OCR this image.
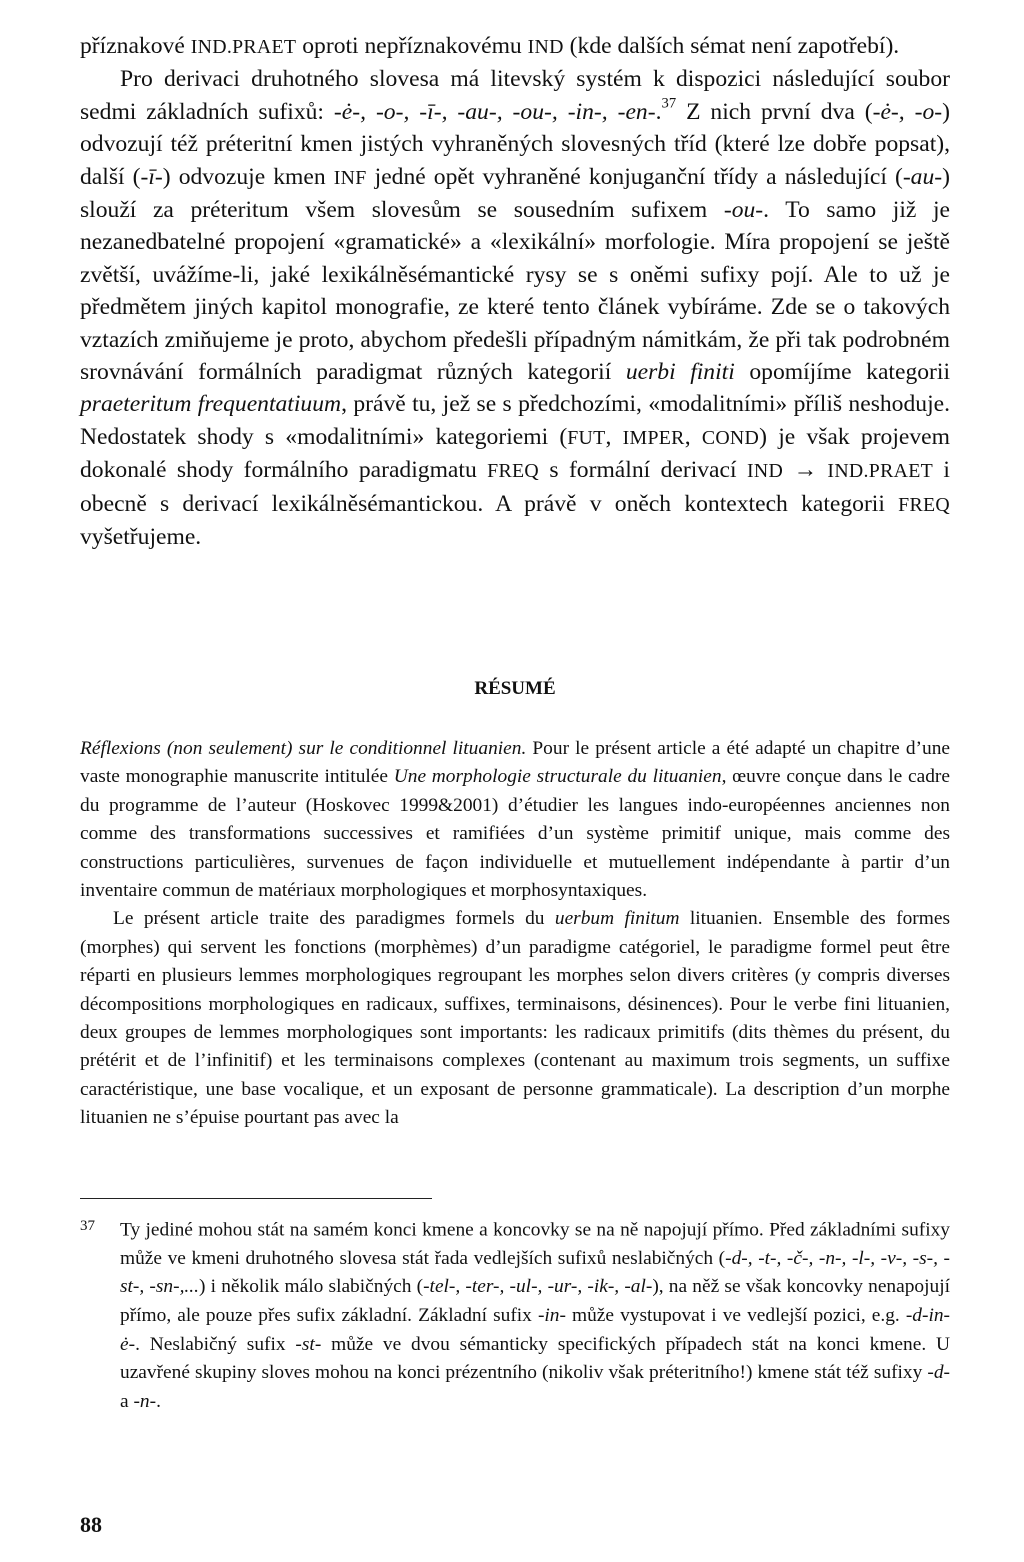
příznakové IND.PRAET oproti nepříznakovému IND (kde dalších sémat není zapotřebí).

Pro derivaci druhotného slovesa má litevský systém k dispozici následující soubor sedmi základních sufixů: -ė-, -o-, -ī-, -au-, -ou-, -in-, -en-.$^{37}$ Z nich první dva (-ė-, -o-) odvozují též préteritní kmen jistých vyhraněných slovesných tříd (které lze dobře popsat), další (-ī-) odvozuje kmen INF jedné opět vyhraněné konjuganční třídy a následující (-au-) slouží za préteritum všem slovesům se sousedním sufixem -ou-. To samo již je nezanedbatelné propojení «gramatické» a «lexikální» morfologie. Míra propojení se ještě zvětší, uvážíme-li, jaké lexikálněsémantické rysy se s oněmi sufixy pojí. Ale to už je předmětem jiných kapitol monografie, ze které tento článek vybíráme. Zde se o takových vztazích zmiňujeme je proto, abychom předešli případným námitkám, že při tak podrobném srovnávání formálních paradigmat různých kategorií uerbi finiti opomíjíme kategorii praeteritum frequentatiuum, právě tu, jež se s předchozími, «modalitními» příliš neshoduje. Nedostatek shody s «modalitními» kategoriemi (FUT, IMPER, COND) je však projevem dokonalé shody formálního paradigmatu FREQ s formální derivací IND → IND.PRAET i obecně s derivací lexikálněsémantickou. A právě v oněch kontextech kategorii FREQ vyšetřujeme.

RÉSUMÉ

Réflexions (non seulement) sur le conditionnel lituanien. Pour le présent article a été adapté un chapitre d’une vaste monographie manuscrite intitulée Une morphologie structurale du lituanien, œuvre conçue dans le cadre du programme de l’auteur (Hoskovec 1999&2001) d’étudier les langues indo-européennes anciennes non comme des transformations successives et ramifiées d’un système primitif unique, mais comme des constructions particulières, survenues de façon individuelle et mutuellement indépendante à partir d’un inventaire commun de matériaux morphologiques et morphosyntaxiques.

Le présent article traite des paradigmes formels du uerbum finitum lituanien. Ensemble des formes (morphes) qui servent les fonctions (morphèmes) d’un paradigme catégoriel, le paradigme formel peut être réparti en plusieurs lemmes morphologiques regroupant les morphes selon divers critères (y compris diverses décompositions morphologiques en radicaux, suffixes, terminaisons, désinences). Pour le verbe fini lituanien, deux groupes de lemmes morphologiques sont importants: les radicaux primitifs (dits thèmes du présent, du prétérit et de l’infinitif) et les terminaisons complexes (contenant au maximum trois segments, un suffixe caractéristique, une base vocalique, et un exposant de personne grammaticale). La description d’un morphe lituanien ne s’épuise pourtant pas avec la

37 Ty jediné mohou stát na samém konci kmene a koncovky se na ně napojují přímo. Před základními sufixy může ve kmeni druhotného slovesa stát řada vedlejších sufixů neslabičných (-d-, -t-, -č-, -n-, -l-, -v-, -s-, -st-, -sn-,...) i několik málo slabičných (-tel-, -ter-, -ul-, -ur-, -ik-, -al-), na něž se však koncovky nenapojují přímo, ale pouze přes sufix základní. Základní sufix -in- může vystupovat i ve vedlejší pozici, e.g. -d-in-ė-. Neslabičný sufix -st- může ve dvou sémanticky specifických případech stát na konci kmene. U uzavřené skupiny sloves mohou na konci prézentního (nikoliv však préteritního!) kmene stát též sufixy -d- a -n-.

88
